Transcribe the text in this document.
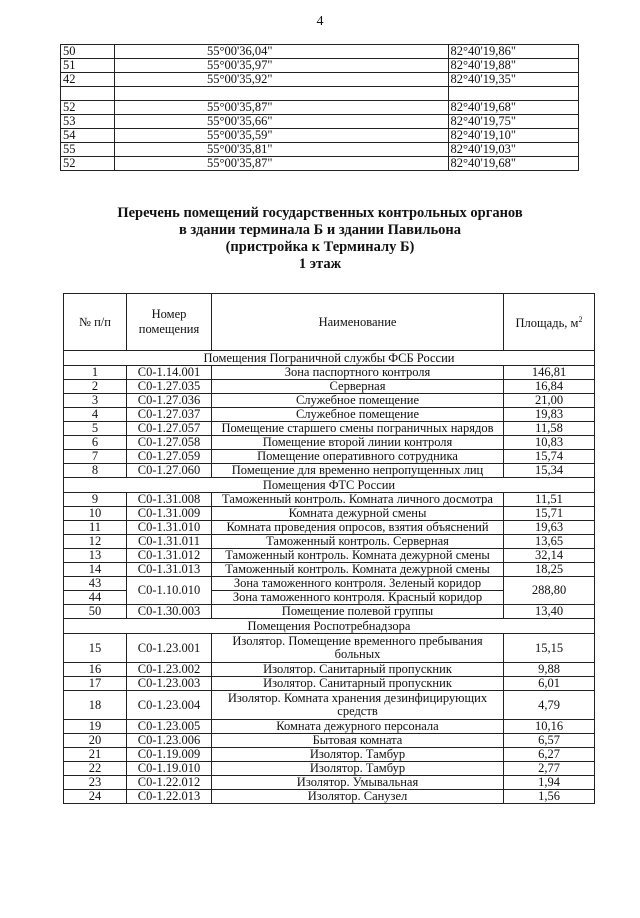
4
50	55°00'36,04"	82°40'19,86"
51	55°00'35,97"	82°40'19,88"
42	55°00'35,92"	82°40'19,35"

52	55°00'35,87"	82°40'19,68"
53	55°00'35,66"	82°40'19,75"
54	55°00'35,59"	82°40'19,10"
55	55°00'35,81"	82°40'19,03"
52	55°00'35,87"	82°40'19,68"
Перечень помещений государственных контрольных органов
в здании терминала Б и здании Павильона
(пристройка к Терминалу Б)
1 этаж
№ п/п	Номер помещения	Наименование	Площадь, $м^2$
Помещения Пограничной службы ФСБ России			
1	С0-1.14.001	Зона паспортного контроля	146,81
2	С0-1.27.035	Серверная	16,84
3	С0-1.27.036	Служебное помещение	21,00
4	С0-1.27.037	Служебное помещение	19,83
5	С0-1.27.057	Помещение старшего смены пограничных нарядов	11,58
6	С0-1.27.058	Помещение второй линии контроля	10,83
7	С0-1.27.059	Помещение оперативного сотрудника	15,74
8	С0-1.27.060	Помещение для временно непропущенных лиц	15,34
Помещения ФТС России			
9	С0-1.31.008	Таможенный контроль. Комната личного досмотра	11,51
10	С0-1.31.009	Комната дежурной смены	15,71
11	С0-1.31.010	Комната проведения опросов, взятия объяснений	19,63
12	С0-1.31.011	Таможенный контроль. Серверная	13,65
13	С0-1.31.012	Таможенный контроль. Комната дежурной смены	32,14
14	С0-1.31.013	Таможенный контроль. Комната дежурной смены	18,25
43	С0-1.10.010	Зона таможенного контроля. Зеленый коридор	288,80
44		Зона таможенного контроля. Красный коридор	
50	С0-1.30.003	Помещение полевой группы	13,40
Помещения Роспотребнадзора			
15	С0-1.23.001	Изолятор. Помещение временного пребывания больных	15,15
16	С0-1.23.002	Изолятор. Санитарный пропускник	9,88
17	С0-1.23.003	Изолятор. Санитарный пропускник	6,01
18	С0-1.23.004	Изолятор. Комната хранения дезинфицирующих средств	4,79
19	С0-1.23.005	Комната дежурного персонала	10,16
20	С0-1.23.006	Бытовая комната	6,57
21	С0-1.19.009	Изолятор. Тамбур	6,27
22	С0-1.19.010	Изолятор. Тамбур	2,77
23	С0-1.22.012	Изолятор. Умывальная	1,94
24	С0-1.22.013	Изолятор. Санузел	1,56
